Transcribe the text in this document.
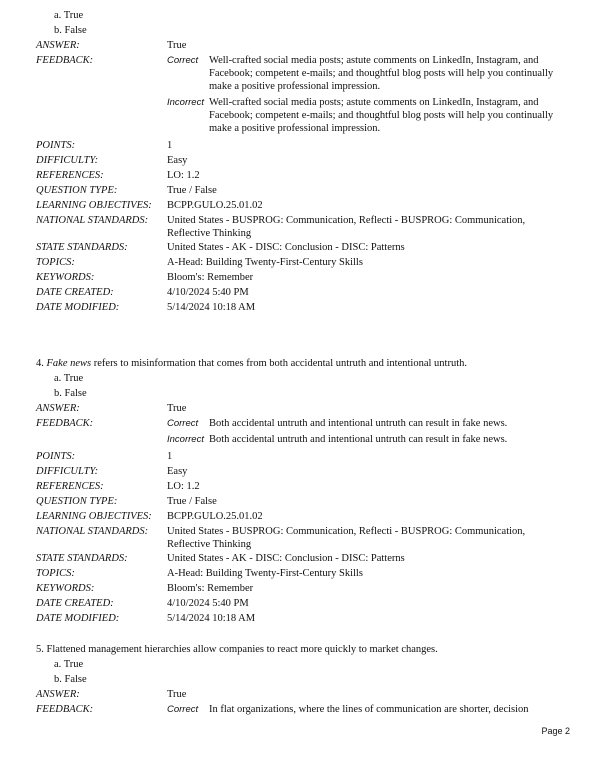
a. True
b. False
ANSWER:	True
FEEDBACK:	Correct	Well-crafted social media posts; astute comments on LinkedIn, Instagram, and Facebook; competent e-mails; and thoughtful blog posts will help you continually make a positive professional impression.
Incorrect Well-crafted social media posts; astute comments on LinkedIn, Instagram, and Facebook; competent e-mails; and thoughtful blog posts will help you continually make a positive professional impression.
POINTS:	1
DIFFICULTY:	Easy
REFERENCES:	LO: 1.2
QUESTION TYPE:	True / False
LEARNING OBJECTIVES:	BCPP.GULO.25.01.02
NATIONAL STANDARDS:	United States - BUSPROG: Communication, Reflecti - BUSPROG: Communication, Reflective Thinking
STATE STANDARDS:	United States - AK - DISC: Conclusion - DISC: Patterns
TOPICS:	A-Head: Building Twenty-First-Century Skills
KEYWORDS:	Bloom's: Remember
DATE CREATED:	4/10/2024 5:40 PM
DATE MODIFIED:	5/14/2024 10:18 AM
4. Fake news refers to misinformation that comes from both accidental untruth and intentional untruth.
a. True
b. False
ANSWER:	True
FEEDBACK:	Correct	Both accidental untruth and intentional untruth can result in fake news.
Incorrect Both accidental untruth and intentional untruth can result in fake news.
POINTS:	1
DIFFICULTY:	Easy
REFERENCES:	LO: 1.2
QUESTION TYPE:	True / False
LEARNING OBJECTIVES:	BCPP.GULO.25.01.02
NATIONAL STANDARDS:	United States - BUSPROG: Communication, Reflecti - BUSPROG: Communication, Reflective Thinking
STATE STANDARDS:	United States - AK - DISC: Conclusion - DISC: Patterns
TOPICS:	A-Head: Building Twenty-First-Century Skills
KEYWORDS:	Bloom's: Remember
DATE CREATED:	4/10/2024 5:40 PM
DATE MODIFIED:	5/14/2024 10:18 AM
5. Flattened management hierarchies allow companies to react more quickly to market changes.
a. True
b. False
ANSWER:	True
FEEDBACK:	Correct	In flat organizations, where the lines of communication are shorter, decision
Page 2
